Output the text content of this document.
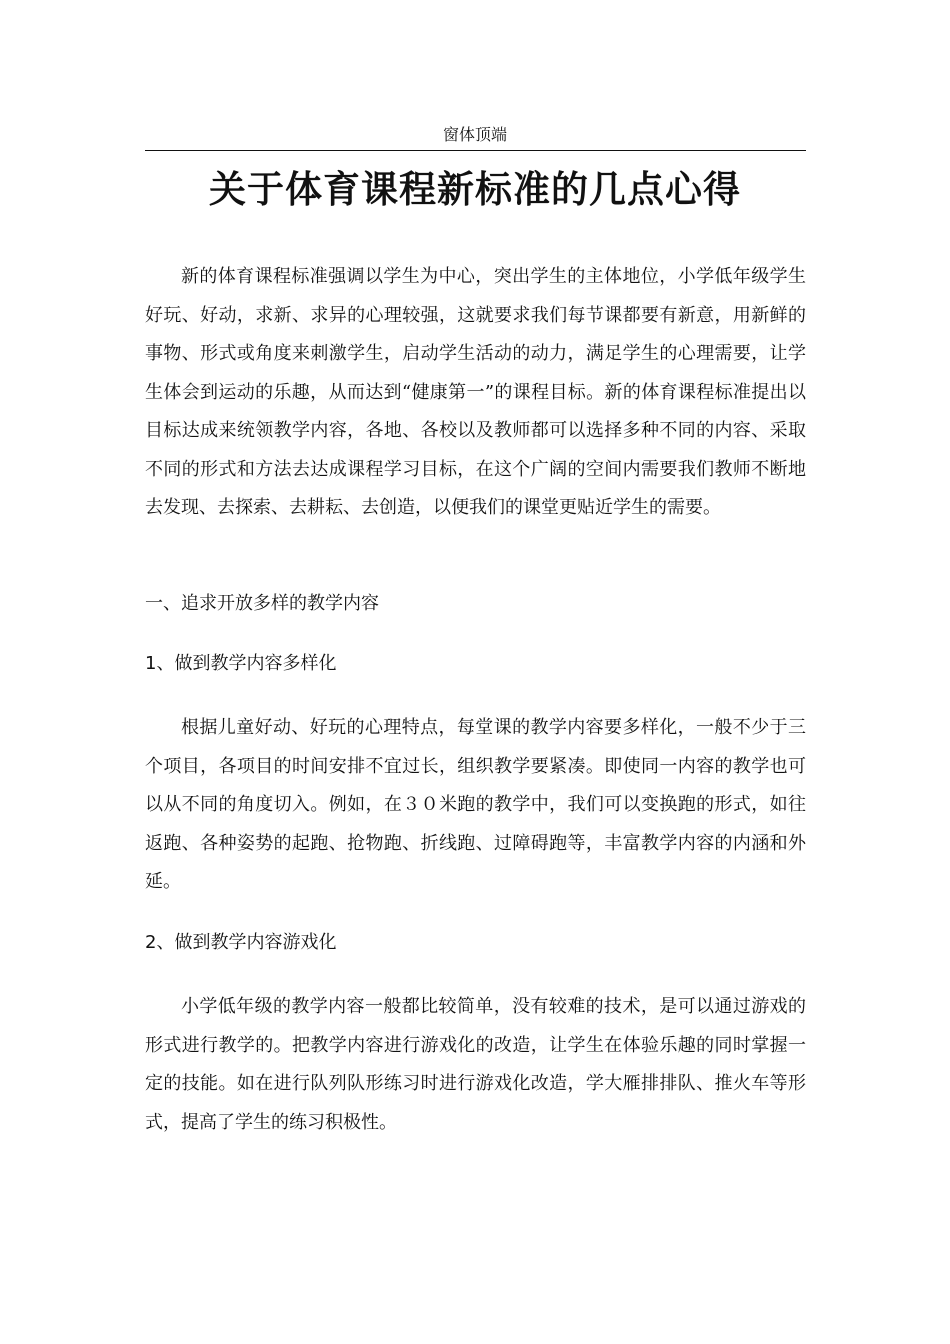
窗体顶端
关于体育课程新标准的几点心得

新的体育课程标准强调以学生为中心，突出学生的主体地位，小学低年级学生好玩、好动，求新、求异的心理较强，这就要求我们每节课都要有新意，用新鲜的事物、形式或角度来刺激学生，启动学生活动的动力，满足学生的心理需要，让学生体会到运动的乐趣，从而达到“健康第一”的课程目标。新的体育课程标准提出以目标达成来统领教学内容，各地、各校以及教师都可以选择多种不同的内容、采取不同的形式和方法去达成课程学习目标，在这个广阔的空间内需要我们教师不断地去发现、去探索、去耕耘、去创造，以便我们的课堂更贴近学生的需要。

一、追求开放多样的教学内容
1、做到教学内容多样化

根据儿童好动、好玩的心理特点，每堂课的教学内容要多样化，一般不少于三个项目，各项目的时间安排不宜过长，组织教学要紧凑。即使同一内容的教学也可以从不同的角度切入。例如，在３０米跑的教学中，我们可以变换跑的形式，如往返跑、各种姿势的起跑、抢物跑、折线跑、过障碍跑等，丰富教学内容的内涵和外延。

2、做到教学内容游戏化

小学低年级的教学内容一般都比较简单，没有较难的技术，是可以通过游戏的形式进行教学的。把教学内容进行游戏化的改造，让学生在体验乐趣的同时掌握一定的技能。如在进行队列队形练习时进行游戏化改造，学大雁排排队、推火车等形式，提高了学生的练习积极性。
